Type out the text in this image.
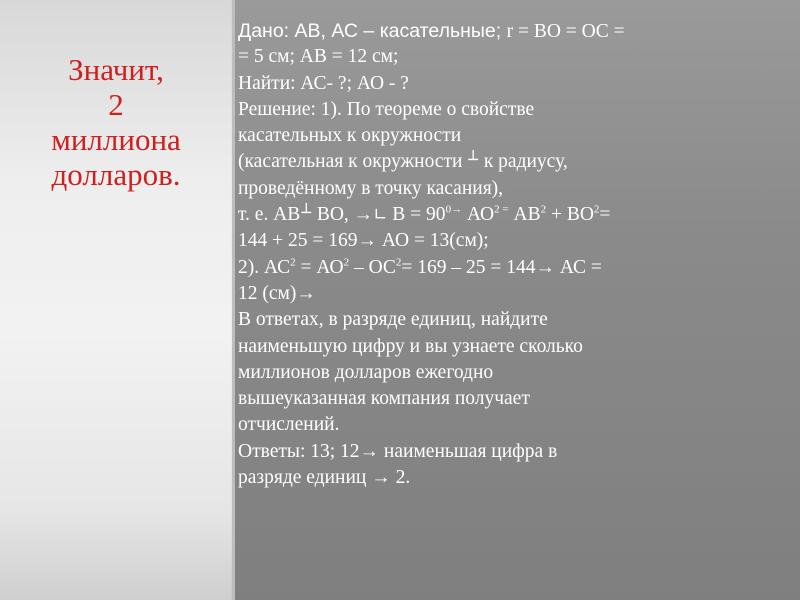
Значит,
2
миллиона
долларов.
Дано: АВ, АС – касательные; r = BO = OC =
= 5 см; АВ = 12 см;
Найти: АС- ?; АО - ?
Решение: 1). По теореме о свойстве
касательных к окружности
(касательная к окружности ┴ к радиусу,
проведённому в точку касания),
т. е. АВ┴ ВО, →∟ $В = 90^{0\to}$ $АО^{2 =}$ $АВ^2 + ВО^2=$
144 + 25 = 169→ АО = 13(см);
2). $АС^2 = АО^2 - ОС^2= 169 - 25 = 144\to$ АС =
12 (см)→
В ответах, в разряде единиц, найдите
наименьшую цифру и вы узнаете сколько
миллионов долларов ежегодно
вышеуказанная компания получает
отчислений.
Ответы: 13; 12→ наименьшая цифра в
разряде единиц → 2.
